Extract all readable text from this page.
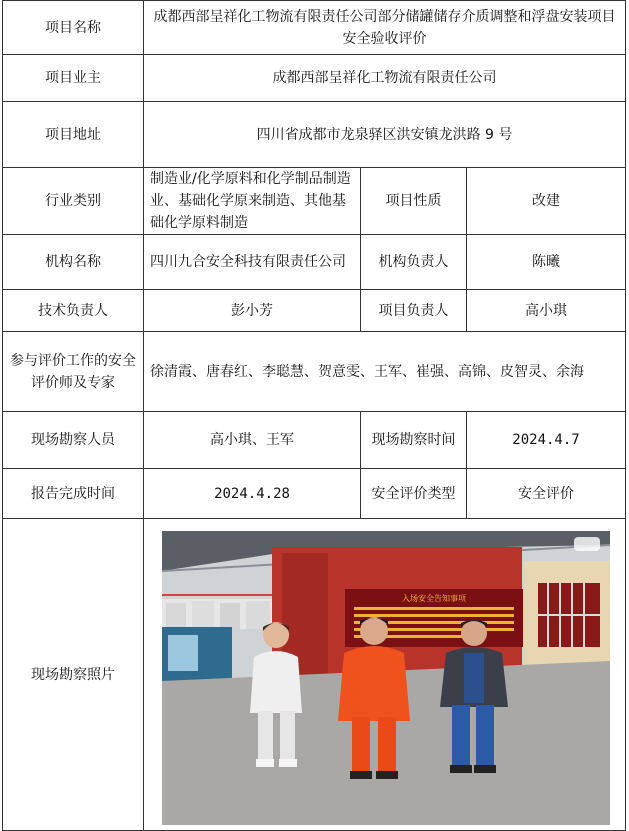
项目名称	成都西部呈祥化工物流有限责任公司部分储罐储存介质调整和浮盘安装项目安全验收评价		
项目业主	成都西部呈祥化工物流有限责任公司		
项目地址	四川省成都市龙泉驿区洪安镇龙洪路 9 号		
行业类别	制造业/化学原料和化学制品制造业、基础化学原来制造、其他基础化学原料制造	项目性质	改建
机构名称	四川九合安全科技有限责任公司	机构负责人	陈曦
技术负责人	彭小芳	项目负责人	高小琪
参与评价工作的安全评价师及专家	徐清霞、唐春红、李聪慧、贺意雯、王军、崔强、高锦、皮智灵、余海		
现场勘察人员	高小琪、王军	现场勘察时间	2024.4.7
报告完成时间	2024.4.28	安全评价类型	安全评价
现场勘察照片	入场安全告知事项		
